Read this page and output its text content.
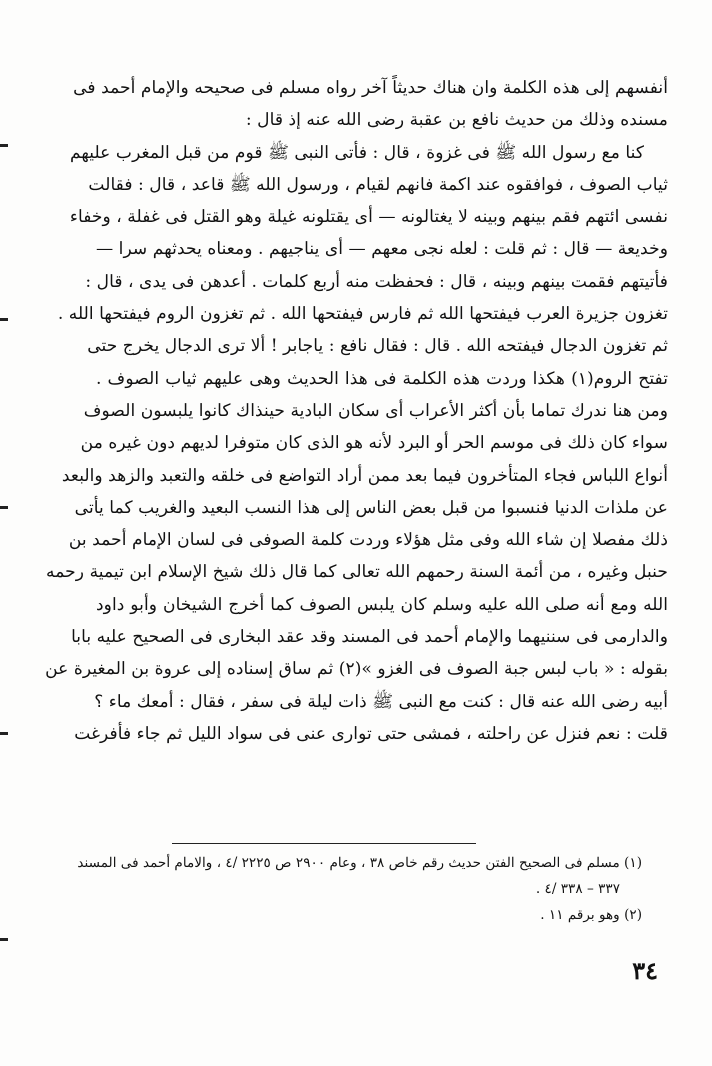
أنفسهم إلى هذه الكلمة وان هناك حديثاً آخر رواه مسلم فى صحيحه والإمام أحمد فى
مسنده وذلك من حديث نافع بن عقبة رضى الله عنه إذ قال :
كنا مع رسول الله ﷺ فى غزوة ، قال : فأتى النبى ﷺ قوم من قبل المغرب عليهم
ثياب الصوف ، فوافقوه عند اكمة فانهم لقيام ، ورسول الله ﷺ قاعد ، قال : فقالت
نفسى ائتهم فقم بينهم وبينه لا يغتالونه — أى يقتلونه غيلة وهو القتل فى غفلة ، وخفاء
وخديعة — قال : ثم قلت : لعله نجى معهم — أى يناجيهم . ومعناه يحدثهم سرا —
فأتيتهم فقمت بينهم وبينه ، قال : فحفظت منه أربع كلمات . أعدهن فى يدى ، قال :
تغزون جزيرة العرب فيفتحها الله ثم فارس فيفتحها الله . ثم تغزون الروم فيفتحها الله .
ثم تغزون الدجال فيفتحه الله . قال : فقال نافع : ياجابر ! ألا ترى الدجال يخرج حتى
تفتح الروم(١) هكذا وردت هذه الكلمة فى هذا الحديث وهى عليهم ثياب الصوف .
ومن هنا ندرك تماما بأن أكثر الأعراب أى سكان البادية حينذاك كانوا يلبسون الصوف
سواء كان ذلك فى موسم الحر أو البرد لأنه هو الذى كان متوفرا لديهم دون غيره من
أنواع اللباس فجاء المتأخرون فيما بعد ممن أراد التواضع فى خلقه والتعبد والزهد والبعد
عن ملذات الدنيا فنسبوا من قبل بعض الناس إلى هذا النسب البعيد والغريب كما يأتى
ذلك مفصلا إن شاء الله وفى مثل هؤلاء وردت كلمة الصوفى فى لسان الإمام أحمد بن
حنبل وغيره ، من أئمة السنة رحمهم الله تعالى كما قال ذلك شيخ الإسلام ابن تيمية رحمه
الله ومع أنه صلى الله عليه وسلم كان يلبس الصوف كما أخرج الشيخان وأبو داود
والدارمى فى سننيهما والإمام أحمد فى المسند وقد عقد البخارى فى الصحيح عليه بابا
بقوله : « باب لبس جبة الصوف فى الغزو »(٢) ثم ساق إسناده إلى عروة بن المغيرة عن
أبيه رضى الله عنه قال : كنت مع النبى ﷺ ذات ليلة فى سفر ، فقال : أمعك ماء ؟
قلت : نعم فنزل عن راحلته ، فمشى حتى توارى عنى فى سواد الليل ثم جاء فأفرغت
(١) مسلم فى الصحيح الفتن حديث رقم خاص ٣٨ ، وعام ٢٩٠٠ ص ٢٢٢٥ /٤ ، والامام أحمد فى المسند
٣٣٧ – ٣٣٨ /٤ .
(٢) وهو برقم ١١ .
٣٤
